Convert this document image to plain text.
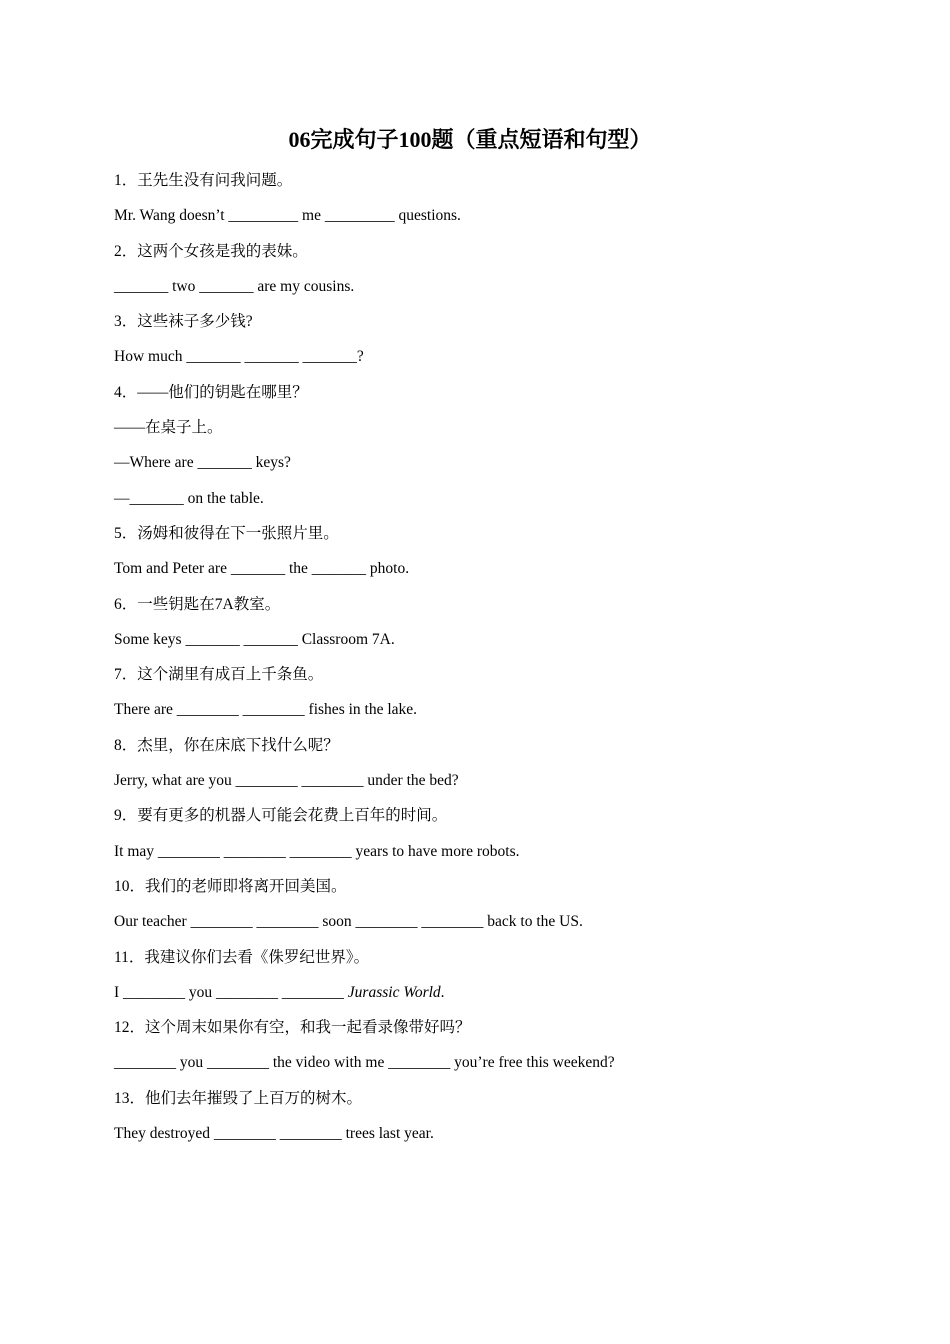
06完成句子100题（重点短语和句型）
1．王先生没有问我问题。
Mr. Wang doesn’t _________ me _________ questions.
2．这两个女孩是我的表妹。
_______ two _______ are my cousins.
3．这些袜子多少钱?
How much _______ _______ _______?
4．——他们的钥匙在哪里？
——在桌子上。
—Where are _______ keys?
—_______ on the table.
5．汤姆和彼得在下一张照片里。
Tom and Peter are _______ the _______ photo.
6．一些钥匙在7A教室。
Some keys _______ _______ Classroom 7A.
7．这个湖里有成百上千条鱼。
There are ________ ________ fishes in the lake.
8．杰里，你在床底下找什么呢？
Jerry, what are you ________ ________ under the bed?
9．要有更多的机器人可能会花费上百年的时间。
It may ________ ________ ________ years to have more robots.
10．我们的老师即将离开回美国。
Our teacher ________ ________ soon ________ ________ back to the US.
11．我建议你们去看《侏罗纪世界》。
I ________ you ________ ________ Jurassic World.
12．这个周末如果你有空，和我一起看录像带好吗？
________ you ________ the video with me ________ you’re free this weekend?
13．他们去年摧毁了上百万的树木。
They destroyed ________ ________ trees last year.
